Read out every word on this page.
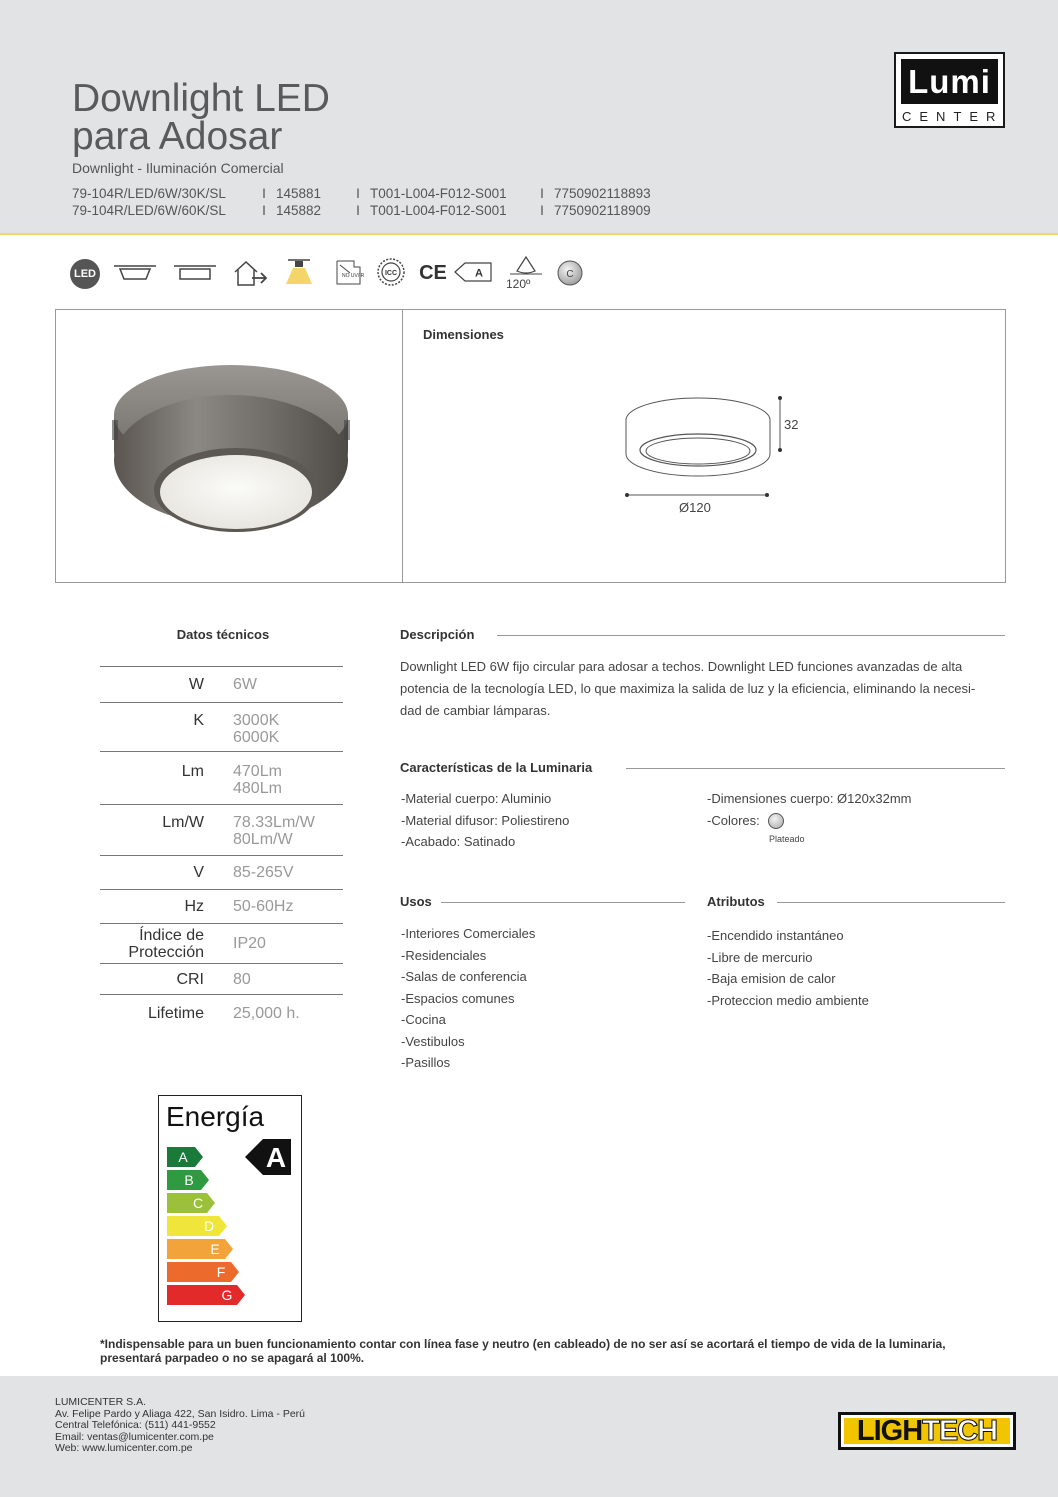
Downlight LED
para Adosar
Downlight - Iluminación Comercial
79-104R/LED/6W/30K/SL	I 145881	I T001-L004-F012-S001	I 7750902118893
79-104R/LED/6W/60K/SL	I 145882	I T001-L004-F012-S001	I 7750902118909
Lumi
CENTER
LED	NO UV/IR	ICC CE	A
120º
C
Dimensiones
32
Ø120
Datos técnicos
W 6W
K 3000K
6000K
Lm 470Lm
480Lm
Lm/W 78.33Lm/W
80Lm/W
V 85-265V
Hz 50-60Hz
Índice de
Protección IP20
CRI 80
Lifetime 25,000 h.
Descripción
Downlight LED 6W fijo circular para adosar a techos. Downlight LED funciones avanzadas de alta
potencia de la tecnología LED, lo que maximiza la salida de luz y la eficiencia, eliminando la necesi-
dad de cambiar lámparas.
Características de la Luminaria
-Material cuerpo: Aluminio
-Material difusor: Poliestireno
-Acabado: Satinado
-Dimensiones cuerpo: Ø120x32mm
-Colores:
Plateado
Usos
-Interiores Comerciales
-Residenciales
-Salas de conferencia
-Espacios comunes
-Cocina
-Vestibulos
-Pasillos
Atributos
-Encendido instantáneo
-Libre de mercurio
-Baja emision de calor
-Proteccion medio ambiente
Energía
A
B
C
D
E
F
G
A
*Indispensable para un buen funcionamiento contar con línea fase y neutro (en cableado) de no ser así se acortará el tiempo de vida de la luminaria,
presentará parpadeo o no se apagará al 100%.
LUMICENTER S.A.
Av. Felipe Pardo y Aliaga 422, San Isidro. Lima - Perú
Central Telefónica: (511) 441-9552
Email: ventas@lumicenter.com.pe
Web: www.lumicenter.com.pe
LIGHTECH
